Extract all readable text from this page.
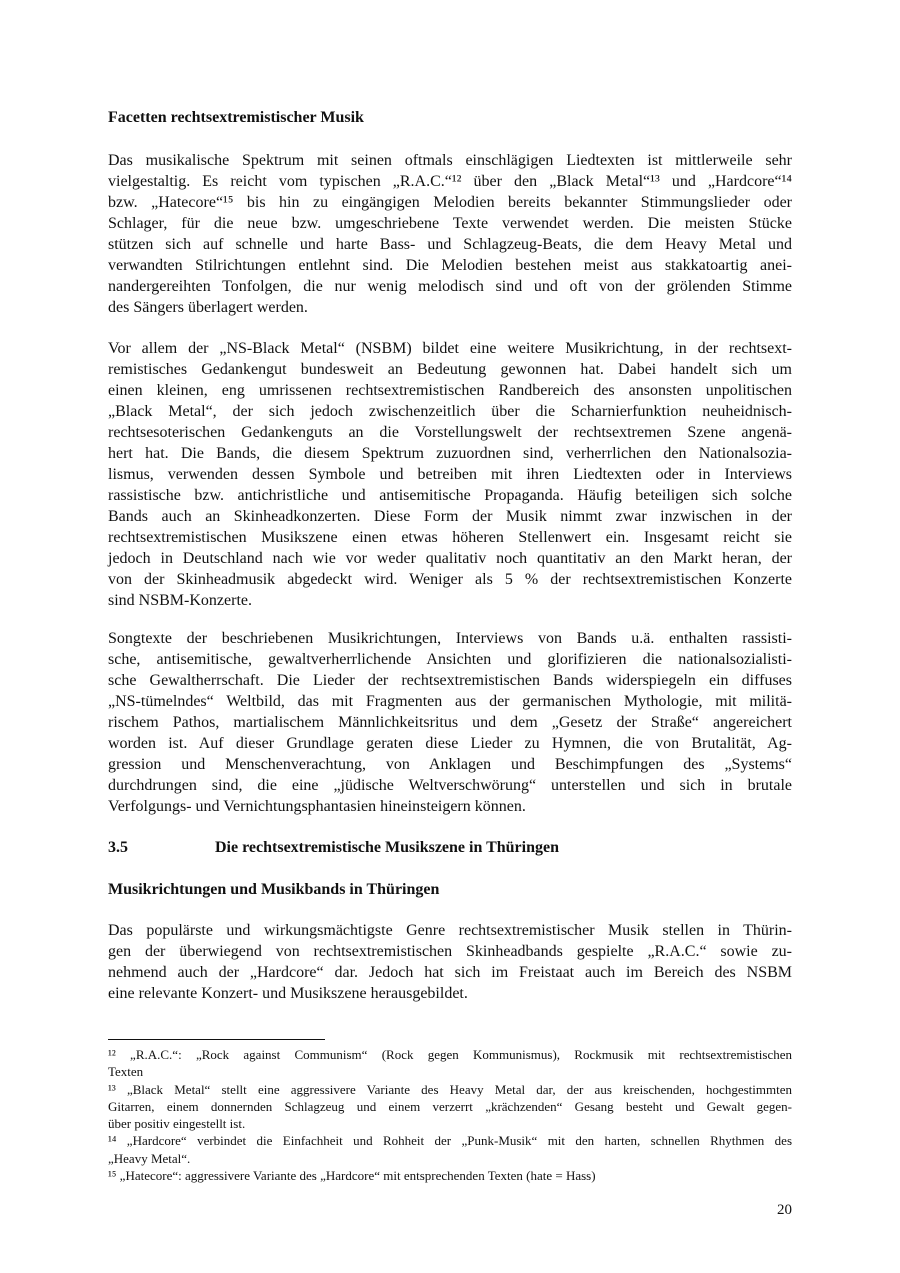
Facetten rechtsextremistischer Musik
Das musikalische Spektrum mit seinen oftmals einschlägigen Liedtexten ist mittlerweile sehr
vielgestaltig. Es reicht vom typischen „R.A.C.“¹² über den „Black Metal“¹³ und „Hardcore“¹⁴
bzw. „Hatecore“¹⁵ bis hin zu eingängigen Melodien bereits bekannter Stimmungslieder oder
Schlager, für die neue bzw. umgeschriebene Texte verwendet werden. Die meisten Stücke
stützen sich auf schnelle und harte Bass- und Schlagzeug-Beats, die dem Heavy Metal und
verwandten Stilrichtungen entlehnt sind. Die Melodien bestehen meist aus stakkatoartig anei-
nandergereihten Tonfolgen, die nur wenig melodisch sind und oft von der grölenden Stimme
des Sängers überlagert werden.
Vor allem der „NS-Black Metal“ (NSBM) bildet eine weitere Musikrichtung, in der rechtsext-
remistisches Gedankengut bundesweit an Bedeutung gewonnen hat. Dabei handelt sich um
einen kleinen, eng umrissenen rechtsextremistischen Randbereich des ansonsten unpolitischen
„Black Metal“, der sich jedoch zwischenzeitlich über die Scharnierfunktion neuheidnisch-
rechtsesoterischen Gedankenguts an die Vorstellungswelt der rechtsextremen Szene angenä-
hert hat. Die Bands, die diesem Spektrum zuzuordnen sind, verherrlichen den Nationalsozia-
lismus, verwenden dessen Symbole und betreiben mit ihren Liedtexten oder in Interviews
rassistische bzw. antichristliche und antisemitische Propaganda. Häufig beteiligen sich solche
Bands auch an Skinheadkonzerten. Diese Form der Musik nimmt zwar inzwischen in der
rechtsextremistischen Musikszene einen etwas höheren Stellenwert ein. Insgesamt reicht sie
jedoch in Deutschland nach wie vor weder qualitativ noch quantitativ an den Markt heran, der
von der Skinheadmusik abgedeckt wird. Weniger als 5 % der rechtsextremistischen Konzerte
sind NSBM-Konzerte.
Songtexte der beschriebenen Musikrichtungen, Interviews von Bands u.ä. enthalten rassisti-
sche, antisemitische, gewaltverherrlichende Ansichten und glorifizieren die nationalsozialisti-
sche Gewaltherrschaft. Die Lieder der rechtsextremistischen Bands widerspiegeln ein diffuses
„NS-tümelndes“ Weltbild, das mit Fragmenten aus der germanischen Mythologie, mit militä-
rischem Pathos, martialischem Männlichkeitsritus und dem „Gesetz der Straße“ angereichert
worden ist. Auf dieser Grundlage geraten diese Lieder zu Hymnen, die von Brutalität, Ag-
gression und Menschenverachtung, von Anklagen und Beschimpfungen des „Systems“
durchdrungen sind, die eine „jüdische Weltverschwörung“ unterstellen und sich in brutale
Verfolgungs- und Vernichtungsphantasien hineinsteigern können.
3.5	Die rechtsextremistische Musikszene in Thüringen
Musikrichtungen und Musikbands in Thüringen
Das populärste und wirkungsmächtigste Genre rechtsextremistischer Musik stellen in Thürin-
gen der überwiegend von rechtsextremistischen Skinheadbands gespielte „R.A.C.“ sowie zu-
nehmend auch der „Hardcore“ dar. Jedoch hat sich im Freistaat auch im Bereich des NSBM
eine relevante Konzert- und Musikszene herausgebildet.
¹² „R.A.C.“: „Rock against Communism“ (Rock gegen Kommunismus), Rockmusik mit rechtsextremistischen
Texten
¹³ „Black Metal“ stellt eine aggressivere Variante des Heavy Metal dar, der aus kreischenden, hochgestimmten
Gitarren, einem donnernden Schlagzeug und einem verzerrt „krächzenden“ Gesang besteht und Gewalt gegen-
über positiv eingestellt ist.
¹⁴ „Hardcore“ verbindet die Einfachheit und Rohheit der „Punk-Musik“ mit den harten, schnellen Rhythmen des
„Heavy Metal“.
¹⁵ „Hatecore“: aggressivere Variante des „Hardcore“ mit entsprechenden Texten (hate = Hass)
20
